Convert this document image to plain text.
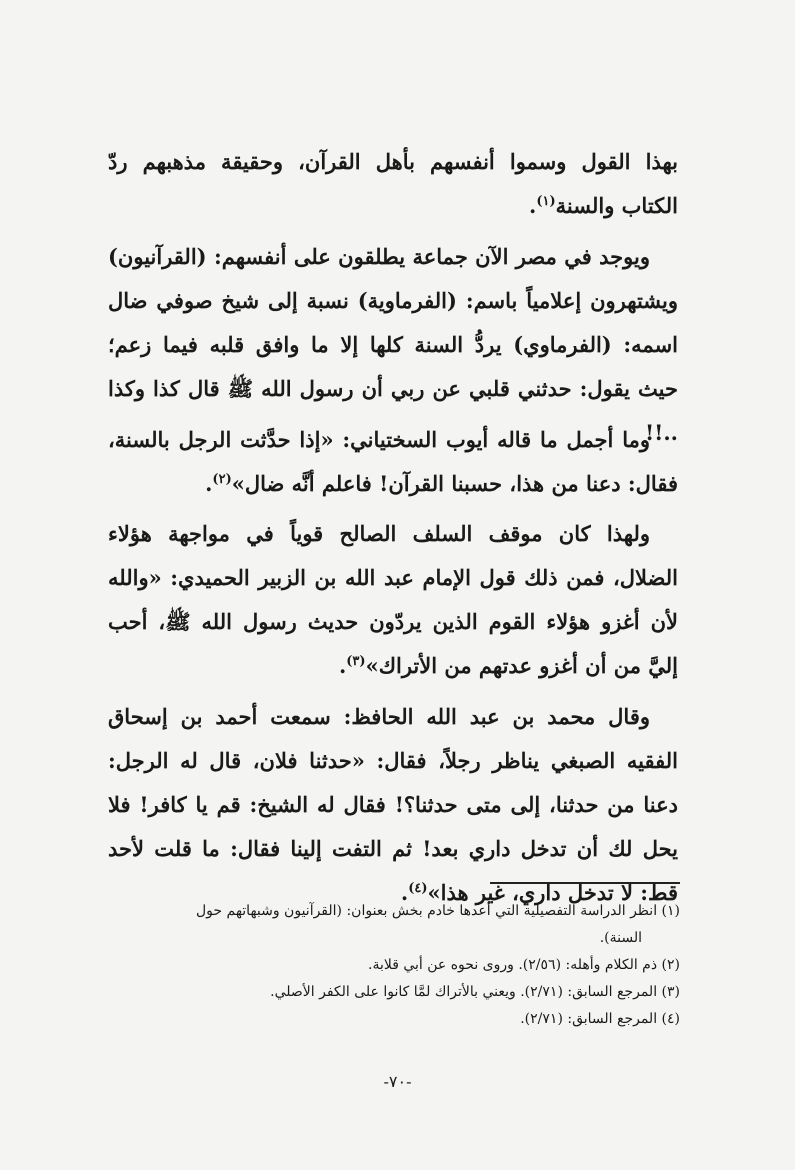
بهذا القول وسموا أنفسهم بأهل القرآن، وحقيقة مذهبهم ردّ الكتاب والسنة$^{(١)}$.
ويوجد في مصر الآن جماعة يطلقون على أنفسهم: (القرآنيون) ويشتهرون إعلامياً باسم: (الفرماوية) نسبة إلى شيخ صوفي ضال اسمه: (الفرماوي) يردُّ السنة كلها إلا ما وافق قلبه فيما زعم؛ حيث يقول: حدثني قلبي عن ربي أن رسول الله ﷺ قال كذا وكذا ..!!
وما أجمل ما قاله أيوب السختياني: «إذا حدَّثت الرجل بالسنة، فقال: دعنا من هذا، حسبنا القرآن! فاعلم أنَّه ضال»$^{(٢)}$.
ولهذا كان موقف السلف الصالح قوياً في مواجهة هؤلاء الضلال، فمن ذلك قول الإمام عبد الله بن الزبير الحميدي: «والله لأن أغزو هؤلاء القوم الذين يردّون حديث رسول الله ﷺ، أحب إليَّ من أن أغزو عدتهم من الأتراك»$^{(٣)}$.
وقال محمد بن عبد الله الحافظ: سمعت أحمد بن إسحاق الفقيه الصبغي يناظر رجلاً، فقال: «حدثنا فلان، قال له الرجل: دعنا من حدثنا، إلى متى حدثنا؟! فقال له الشيخ: قم يا كافر! فلا يحل لك أن تدخل داري بعد! ثم التفت إلينا فقال: ما قلت لأحد قط: لا تدخل داري، غير هذا»$^{(٤)}$.

(١) انظر الدراسة التفصيلية التي أعدها خادم بخش بعنوان: (القرآنيون وشبهاتهم حول

السنة).

(٢) ذم الكلام وأهله: (٢/٥٦). وروى نحوه عن أبي قلابة.

(٣) المرجع السابق: (٢/٧١). ويعني بالأتراك لمَّا كانوا على الكفر الأصلي.

(٤) المرجع السابق: (٢/٧١).

-٧٠-
